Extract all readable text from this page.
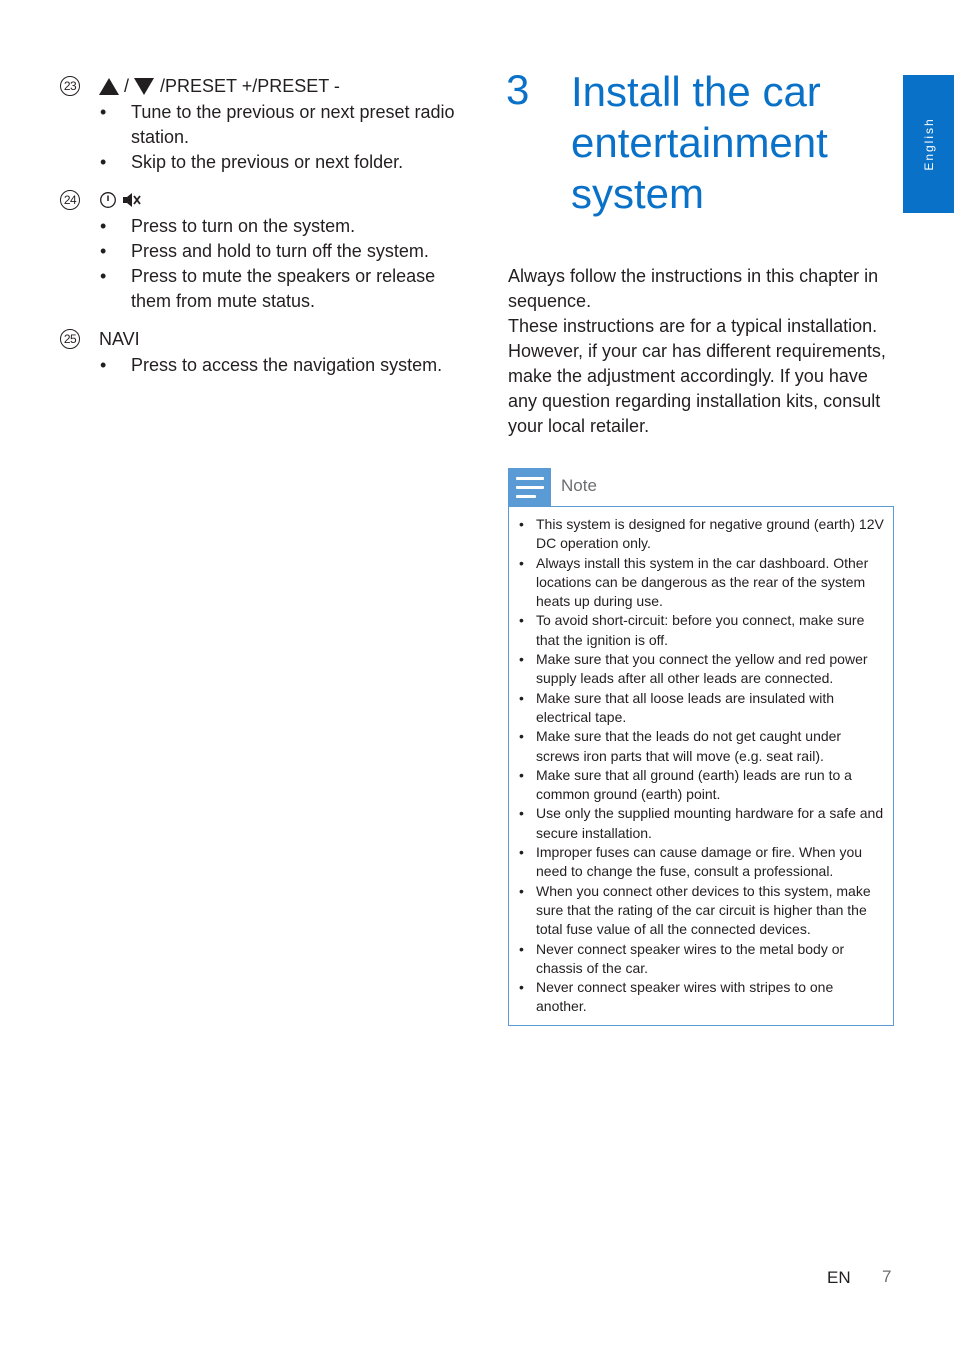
23	/ /PRESET +/PRESET -
• Tune to the previous or next preset radio station.
• Skip to the previous or next folder.
24
• Press to turn on the system.
• Press and hold to turn off the system.
• Press to mute the speakers or release them from mute status.
25 NAVI
• Press to access the navigation system.
3 Install the car entertainment system

Always follow the instructions in this chapter in sequence.

These instructions are for a typical installation. However, if your car has different requirements, make the adjustment accordingly. If you have any question regarding installation kits, consult your local retailer.

Note
• This system is designed for negative ground (earth) 12V DC operation only.
• Always install this system in the car dashboard. Other locations can be dangerous as the rear of the system heats up during use.
• To avoid short-circuit: before you connect, make sure that the ignition is off.
• Make sure that you connect the yellow and red power supply leads after all other leads are connected.
• Make sure that all loose leads are insulated with electrical tape.
• Make sure that the leads do not get caught under screws iron parts that will move (e.g. seat rail).
• Make sure that all ground (earth) leads are run to a common ground (earth) point.
• Use only the supplied mounting hardware for a safe and secure installation.
• Improper fuses can cause damage or fire. When you need to change the fuse, consult a professional.
• When you connect other devices to this system, make sure that the rating of the car circuit is higher than the total fuse value of all the connected devices.
• Never connect speaker wires to the metal body or chassis of the car.
• Never connect speaker wires with stripes to one another.
English
EN 7
